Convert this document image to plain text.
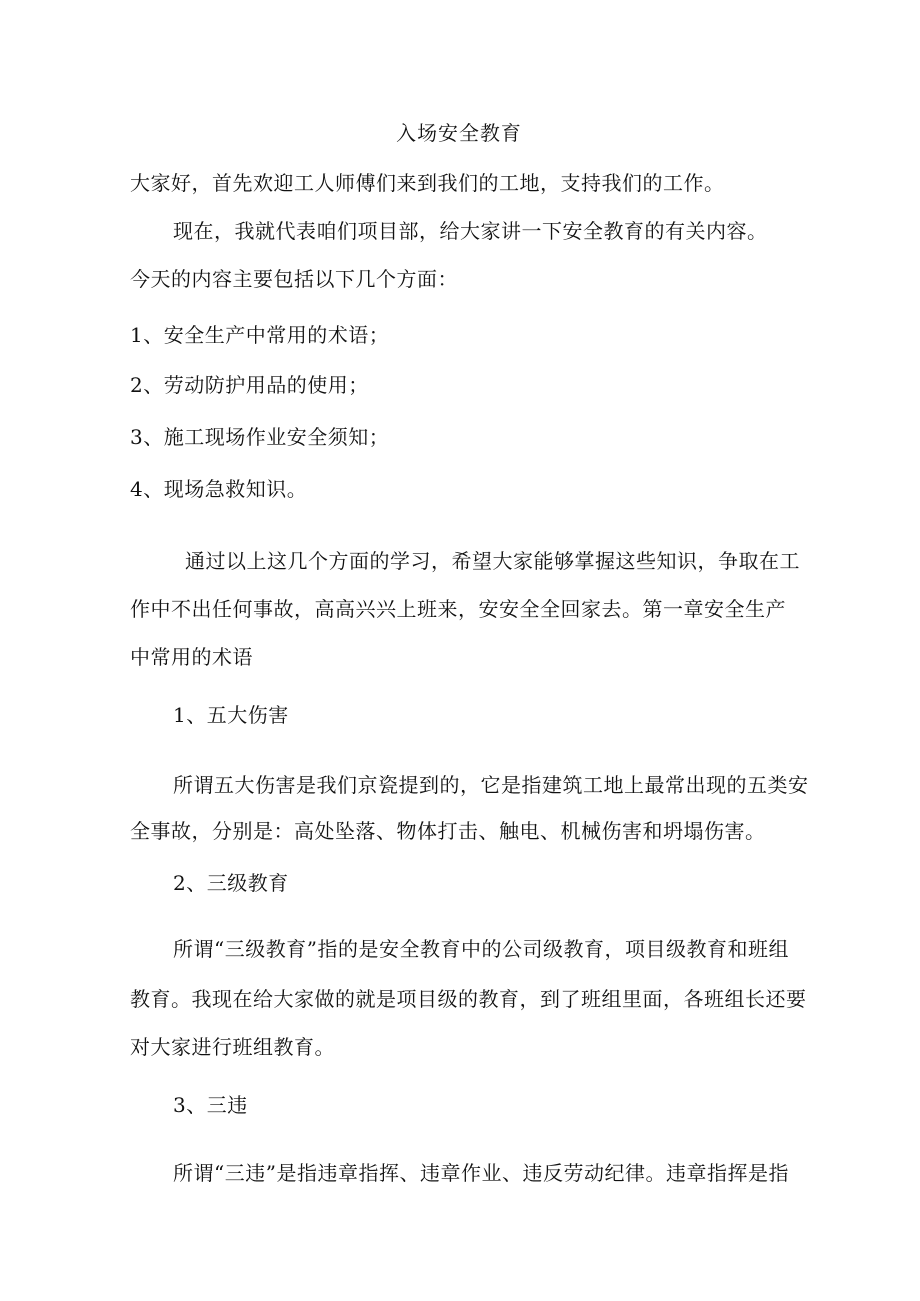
入场安全教育
大家好，首先欢迎工人师傅们来到我们的工地，支持我们的工作。
现在，我就代表咱们项目部，给大家讲一下安全教育的有关内容。
今天的内容主要包括以下几个方面：
1、安全生产中常用的术语；
2、劳动防护用品的使用；
3、施工现场作业安全须知；
4、现场急救知识。
通过以上这几个方面的学习，希望大家能够掌握这些知识，争取在工
作中不出任何事故，高高兴兴上班来，安安全全回家去。第一章安全生产
中常用的术语
1、五大伤害
所谓五大伤害是我们京瓷提到的，它是指建筑工地上最常出现的五类安
全事故，分别是：高处坠落、物体打击、触电、机械伤害和坍塌伤害。
2、三级教育
所谓“三级教育”指的是安全教育中的公司级教育，项目级教育和班组
教育。我现在给大家做的就是项目级的教育，到了班组里面，各班组长还要
对大家进行班组教育。
3、三违
所谓“三违”是指违章指挥、违章作业、违反劳动纪律。违章指挥是指
